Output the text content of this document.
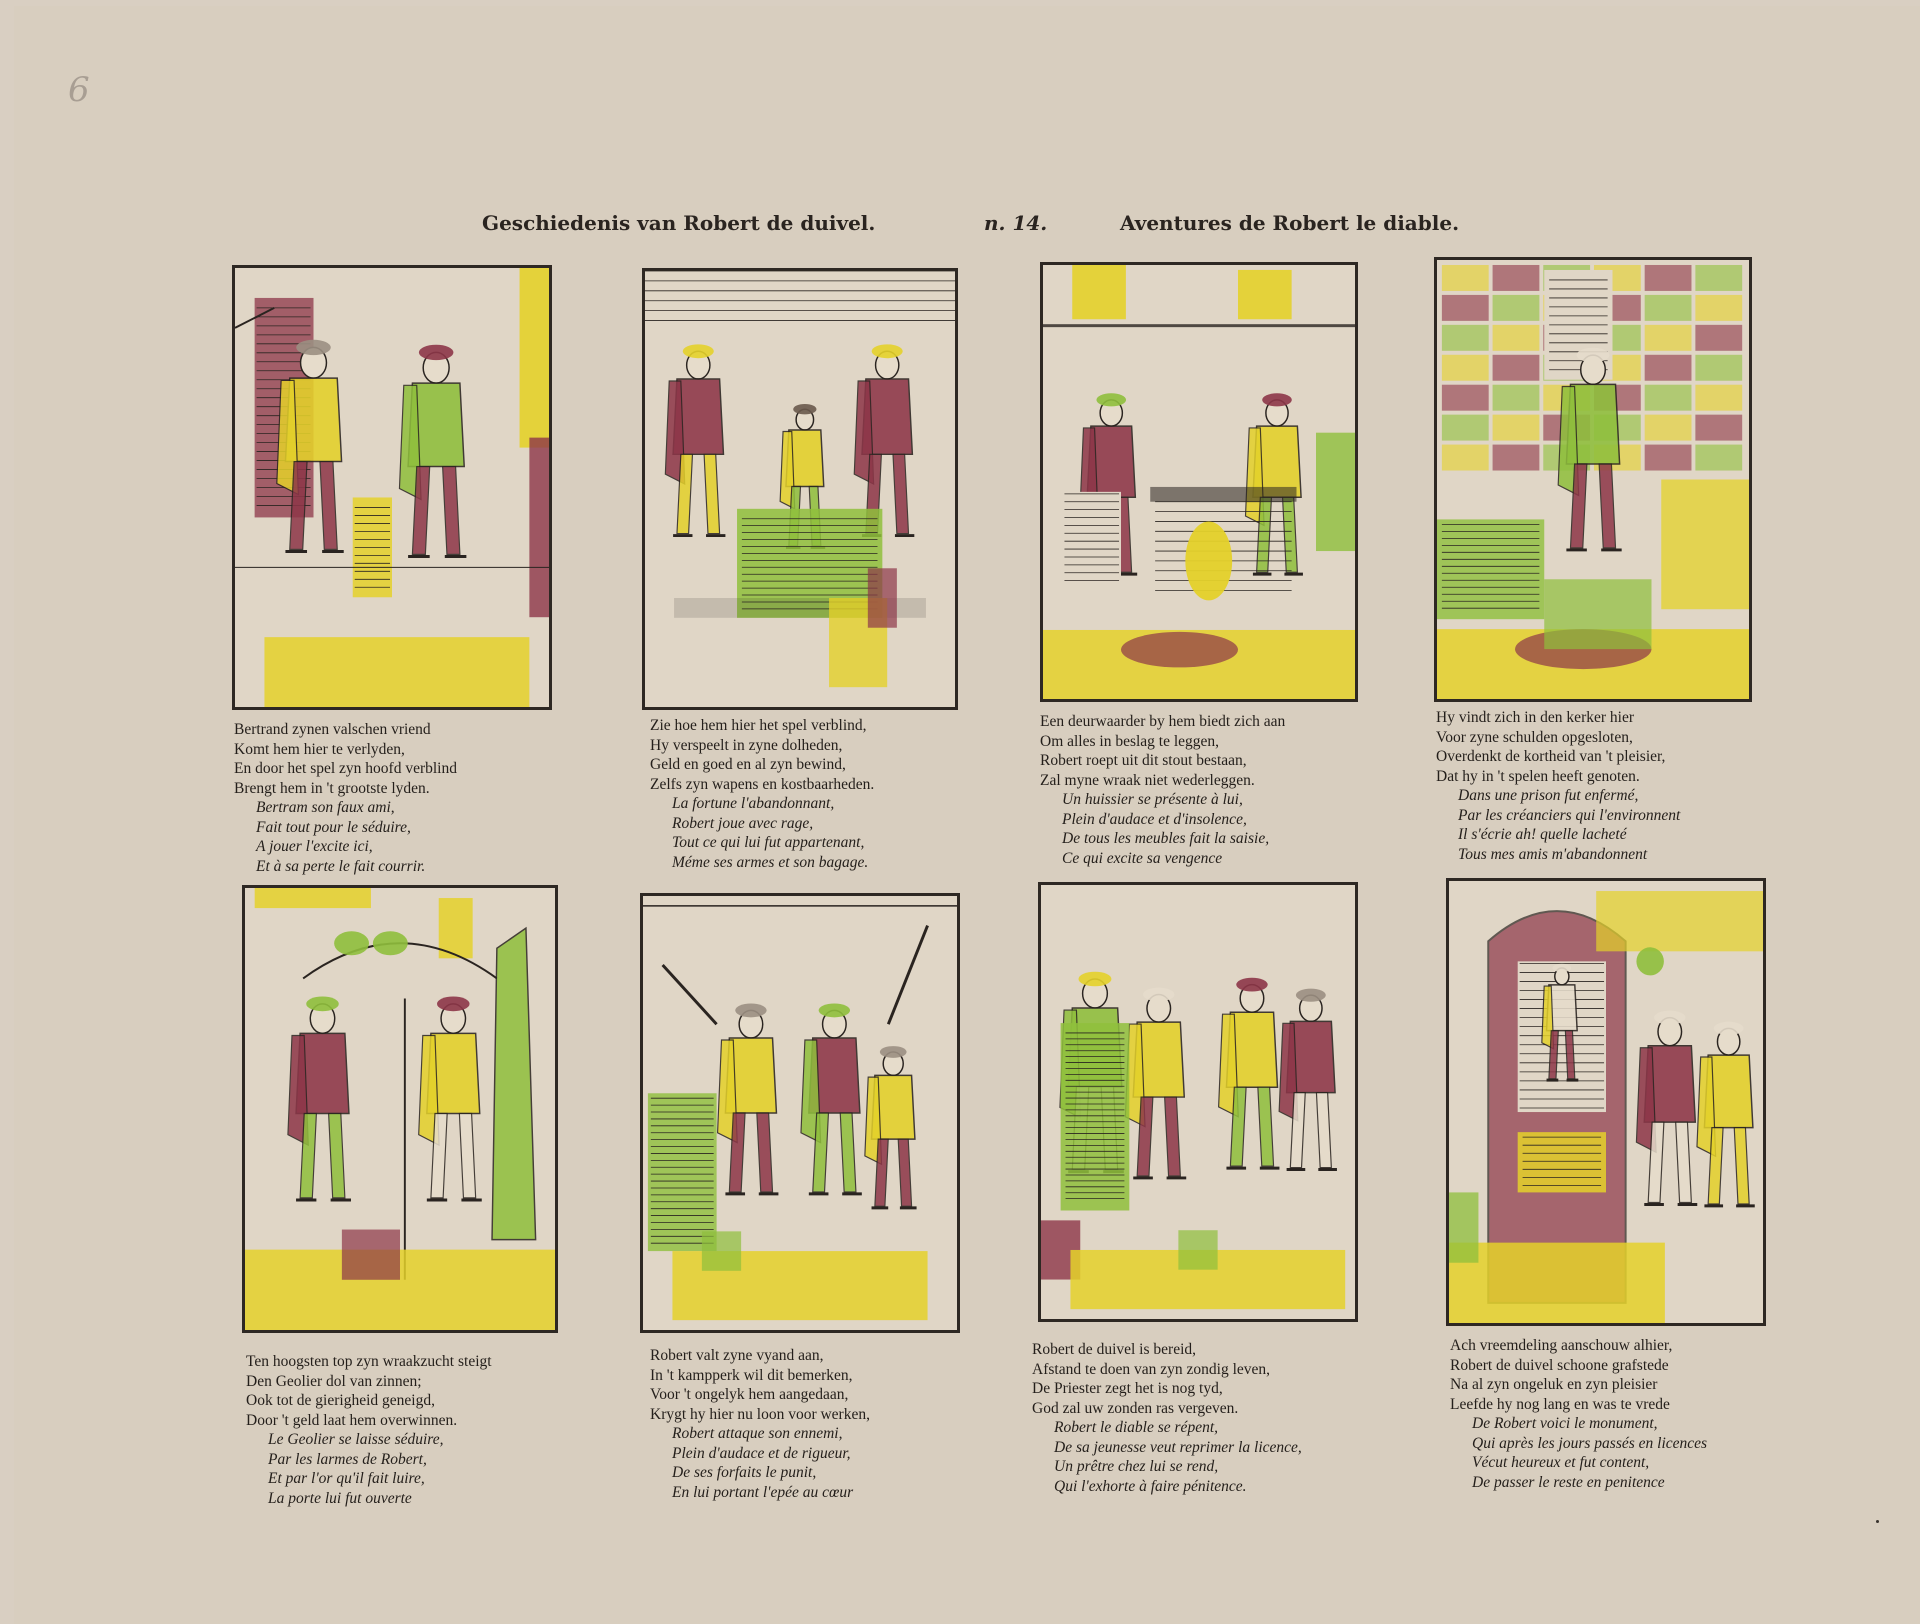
6
Geschiedenis van Robert de duivel.	n. 14.	Aventures de Robert le diable.
Bertrand zynen valschen vriend
Komt hem hier te verlyden,
En door het spel zyn hoofd verblind
Brengt hem in 't grootste lyden.
Bertram son faux ami,
Fait tout pour le séduire,
A jouer l'excite ici,
Et à sa perte le fait courrir.
Zie hoe hem hier het spel verblind,
Hy verspeelt in zyne dolheden,
Geld en goed en al zyn bewind,
Zelfs zyn wapens en kostbaarheden.
La fortune l'abandonnant,
Robert joue avec rage,
Tout ce qui lui fut appartenant,
Méme ses armes et son bagage.
Een deurwaarder by hem biedt zich aan
Om alles in beslag te leggen,
Robert roept uit dit stout bestaan,
Zal myne wraak niet wederleggen.
Un huissier se présente à lui,
Plein d'audace et d'insolence,
De tous les meubles fait la saisie,
Ce qui excite sa vengence
Hy vindt zich in den kerker hier
Voor zyne schulden opgesloten,
Overdenkt de kortheid van 't pleisier,
Dat hy in 't spelen heeft genoten.
Dans une prison fut enfermé,
Par les créanciers qui l'environnent
Il s'écrie ah! quelle lacheté
Tous mes amis m'abandonnent
Ten hoogsten top zyn wraakzucht steigt
Den Geolier dol van zinnen;
Ook tot de gierigheid geneigd,
Door 't geld laat hem overwinnen.
Le Geolier se laisse séduire,
Par les larmes de Robert,
Et par l'or qu'il fait luire,
La porte lui fut ouverte
Robert valt zyne vyand aan,
In 't kampperk wil dit bemerken,
Voor 't ongelyk hem aangedaan,
Krygt hy hier nu loon voor werken,
Robert attaque son ennemi,
Plein d'audace et de rigueur,
De ses forfaits le punit,
En lui portant l'epée au cœur
Robert de duivel is bereid,
Afstand te doen van zyn zondig leven,
De Priester zegt het is nog tyd,
God zal uw zonden ras vergeven.
Robert le diable se répent,
De sa jeunesse veut reprimer la licence,
Un prêtre chez lui se rend,
Qui l'exhorte à faire pénitence.
Ach vreemdeling aanschouw alhier,
Robert de duivel schoone grafstede
Na al zyn ongeluk en zyn pleisier
Leefde hy nog lang en was te vrede
De Robert voici le monument,
Qui après les jours passés en licences
Vécut heureux et fut content,
De passer le reste en penitence
